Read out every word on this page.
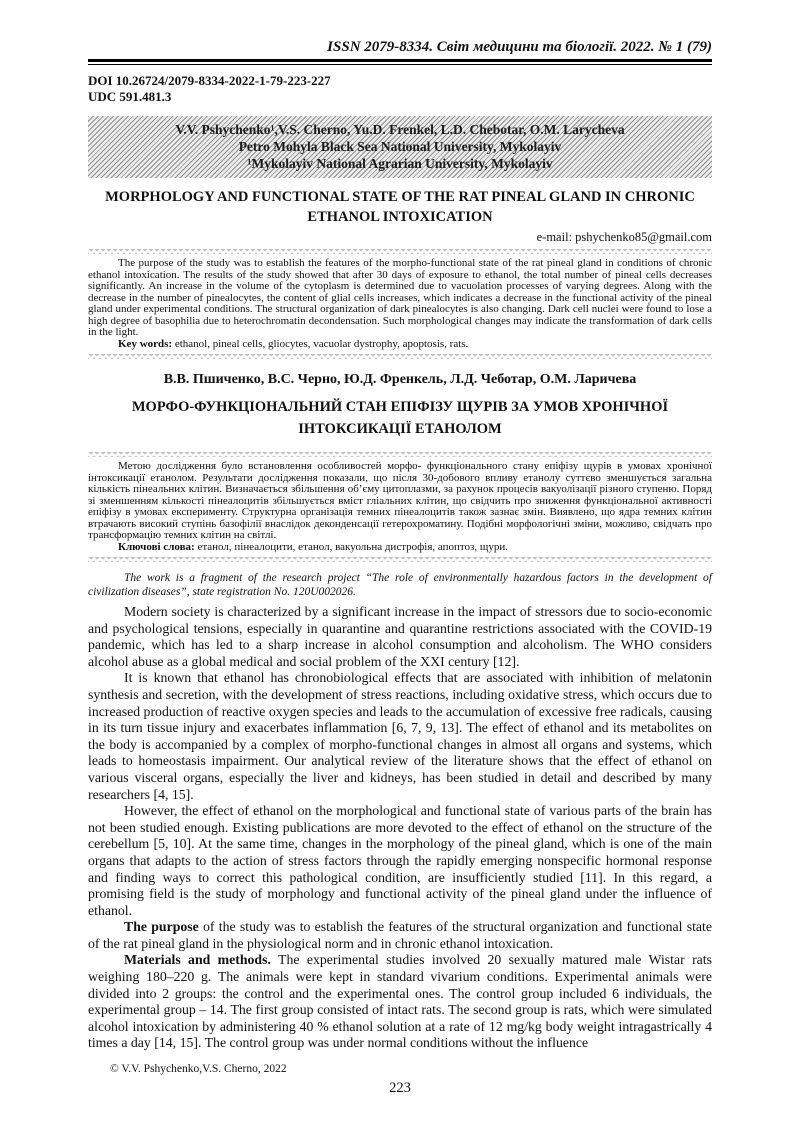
ISSN 2079-8334. Світ медицини та біології. 2022. № 1 (79)
DOI 10.26724/2079-8334-2022-1-79-223-227
UDC 591.481.3
V.V. Pshychenko¹,V.S. Cherno, Yu.D. Frenkel, L.D. Chebotar, O.M. Larycheva
Petro Mohyla Black Sea National University, Mykolayiv
¹Mykolayiv National Agrarian University, Mykolayiv
MORPHOLOGY AND FUNCTIONAL STATE OF THE RAT PINEAL GLAND IN CHRONIC ETHANOL INTOXICATION
e-mail: pshychenko85@gmail.com

The purpose of the study was to establish the features of the morpho-functional state of the rat pineal gland in conditions of chronic ethanol intoxication. The results of the study showed that after 30 days of exposure to ethanol, the total number of pineal cells decreases significantly. An increase in the volume of the cytoplasm is determined due to vacuolation processes of varying degrees. Along with the decrease in the number of pinealocytes, the content of glial cells increases, which indicates a decrease in the functional activity of the pineal gland under experimental conditions. The structural organization of dark pinealocytes is also changing. Dark cell nuclei were found to lose a high degree of basophilia due to heterochromatin decondensation. Such morphological changes may indicate the transformation of dark cells in the light.

Key words: ethanol, pineal cells, gliocytes, vacuolar dystrophy, apoptosis, rats.

В.В. Пшиченко, В.С. Черно, Ю.Д. Френкель, Л.Д. Чеботар, О.М. Ларичева
МОРФО-ФУНКЦІОНАЛЬНИЙ СТАН ЕПІФІЗУ ЩУРІВ ЗА УМОВ ХРОНІЧНОЇ ІНТОКСИКАЦІЇ ЕТАНОЛОМ

Метою дослідження було встановлення особливостей морфо- функціонального стану епіфізу щурів в умовах хронічної інтоксикації етанолом. Результати дослідження показали, що після 30-добового впливу етанолу суттєво зменшується загальна кількість пінеальних клітин. Визначається збільшення об’єму цитоплазми, за рахунок процесів вакуолізації різного ступеню. Поряд зі зменшенням кількості пінеалоцитів збільшується вміст гліальних клітин, що свідчить про зниження функціональної активності епіфізу в умовах експерименту. Структурна організація темних пінеалоцитів також зазнає змін. Виявлено, що ядра темних клітин втрачають високий ступінь базофілії внаслідок деконденсації гетерохроматину. Подібні морфологічні зміни, можливо, свідчать про трансформацію темних клітин на світлі.

Ключові слова: етанол, пінеалоцити, етанол, вакуольна дистрофія, апоптоз, щури.

The work is a fragment of the research project “The role of environmentally hazardous factors in the development of civilization diseases”, state registration No. 120U002026.

Modern society is characterized by a significant increase in the impact of stressors due to socio-economic and psychological tensions, especially in quarantine and quarantine restrictions associated with the COVID-19 pandemic, which has led to a sharp increase in alcohol consumption and alcoholism. The WHO considers alcohol abuse as a global medical and social problem of the XXI century [12].

It is known that ethanol has chronobiological effects that are associated with inhibition of melatonin synthesis and secretion, with the development of stress reactions, including oxidative stress, which occurs due to increased production of reactive oxygen species and leads to the accumulation of excessive free radicals, causing in its turn tissue injury and exacerbates inflammation [6, 7, 9, 13]. The effect of ethanol and its metabolites on the body is accompanied by a complex of morpho-functional changes in almost all organs and systems, which leads to homeostasis impairment. Our analytical review of the literature shows that the effect of ethanol on various visceral organs, especially the liver and kidneys, has been studied in detail and described by many researchers [4, 15].

However, the effect of ethanol on the morphological and functional state of various parts of the brain has not been studied enough. Existing publications are more devoted to the effect of ethanol on the structure of the cerebellum [5, 10]. At the same time, changes in the morphology of the pineal gland, which is one of the main organs that adapts to the action of stress factors through the rapidly emerging nonspecific hormonal response and finding ways to correct this pathological condition, are insufficiently studied [11]. In this regard, a promising field is the study of morphology and functional activity of the pineal gland under the influence of ethanol.

The purpose of the study was to establish the features of the structural organization and functional state of the rat pineal gland in the physiological norm and in chronic ethanol intoxication.

Materials and methods. The experimental studies involved 20 sexually matured male Wistar rats weighing 180–220 g. The animals were kept in standard vivarium conditions. Experimental animals were divided into 2 groups: the control and the experimental ones. The control group included 6 individuals, the experimental group – 14. The first group consisted of intact rats. The second group is rats, which were simulated alcohol intoxication by administering 40 % ethanol solution at a rate of 12 mg/kg body weight intragastrically 4 times a day [14, 15]. The control group was under normal conditions without the influence

© V.V. Pshychenko,V.S. Cherno, 2022
223
